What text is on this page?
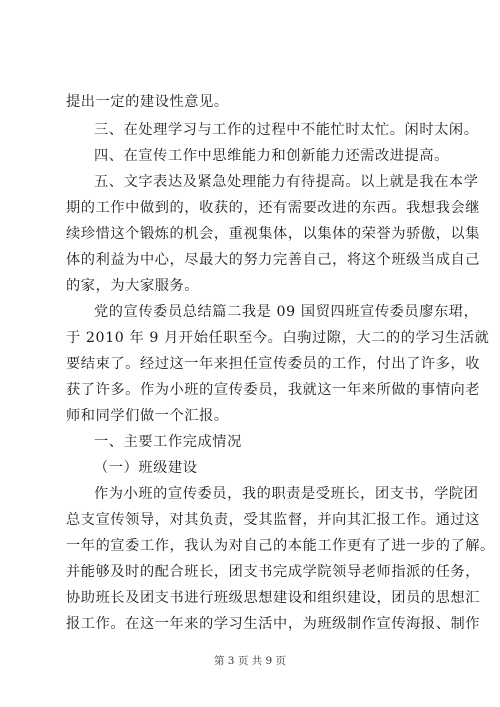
提出一定的建设性意见。
三、在处理学习与工作的过程中不能忙时太忙。闲时太闲。
四、在宣传工作中思维能力和创新能力还需改进提高。
五、文字表达及紧急处理能力有待提高。以上就是我在本学
期的工作中做到的，收获的，还有需要改进的东西。我想我会继
续珍惜这个锻炼的机会，重视集体，以集体的荣誉为骄傲，以集
体的利益为中心，尽最大的努力完善自己，将这个班级当成自己
的家，为大家服务。
党的宣传委员总结篇二我是 09 国贸四班宣传委员廖东珺，
于 2010 年 9 月开始任职至今。白驹过隙，大二的的学习生活就
要结束了。经过这一年来担任宣传委员的工作，付出了许多，收
获了许多。作为小班的宣传委员，我就这一年来所做的事情向老
师和同学们做一个汇报。
一、主要工作完成情况
（一）班级建设
作为小班的宣传委员，我的职责是受班长，团支书，学院团
总支宣传领导，对其负责，受其监督，并向其汇报工作。通过这
一年的宣委工作，我认为对自己的本能工作更有了进一步的了解。
并能够及时的配合班长，团支书完成学院领导老师指派的任务，
协助班长及团支书进行班级思想建设和组织建设，团员的思想汇
报工作。在这一年来的学习生活中，为班级制作宣传海报、制作
第 3 页 共 9 页
